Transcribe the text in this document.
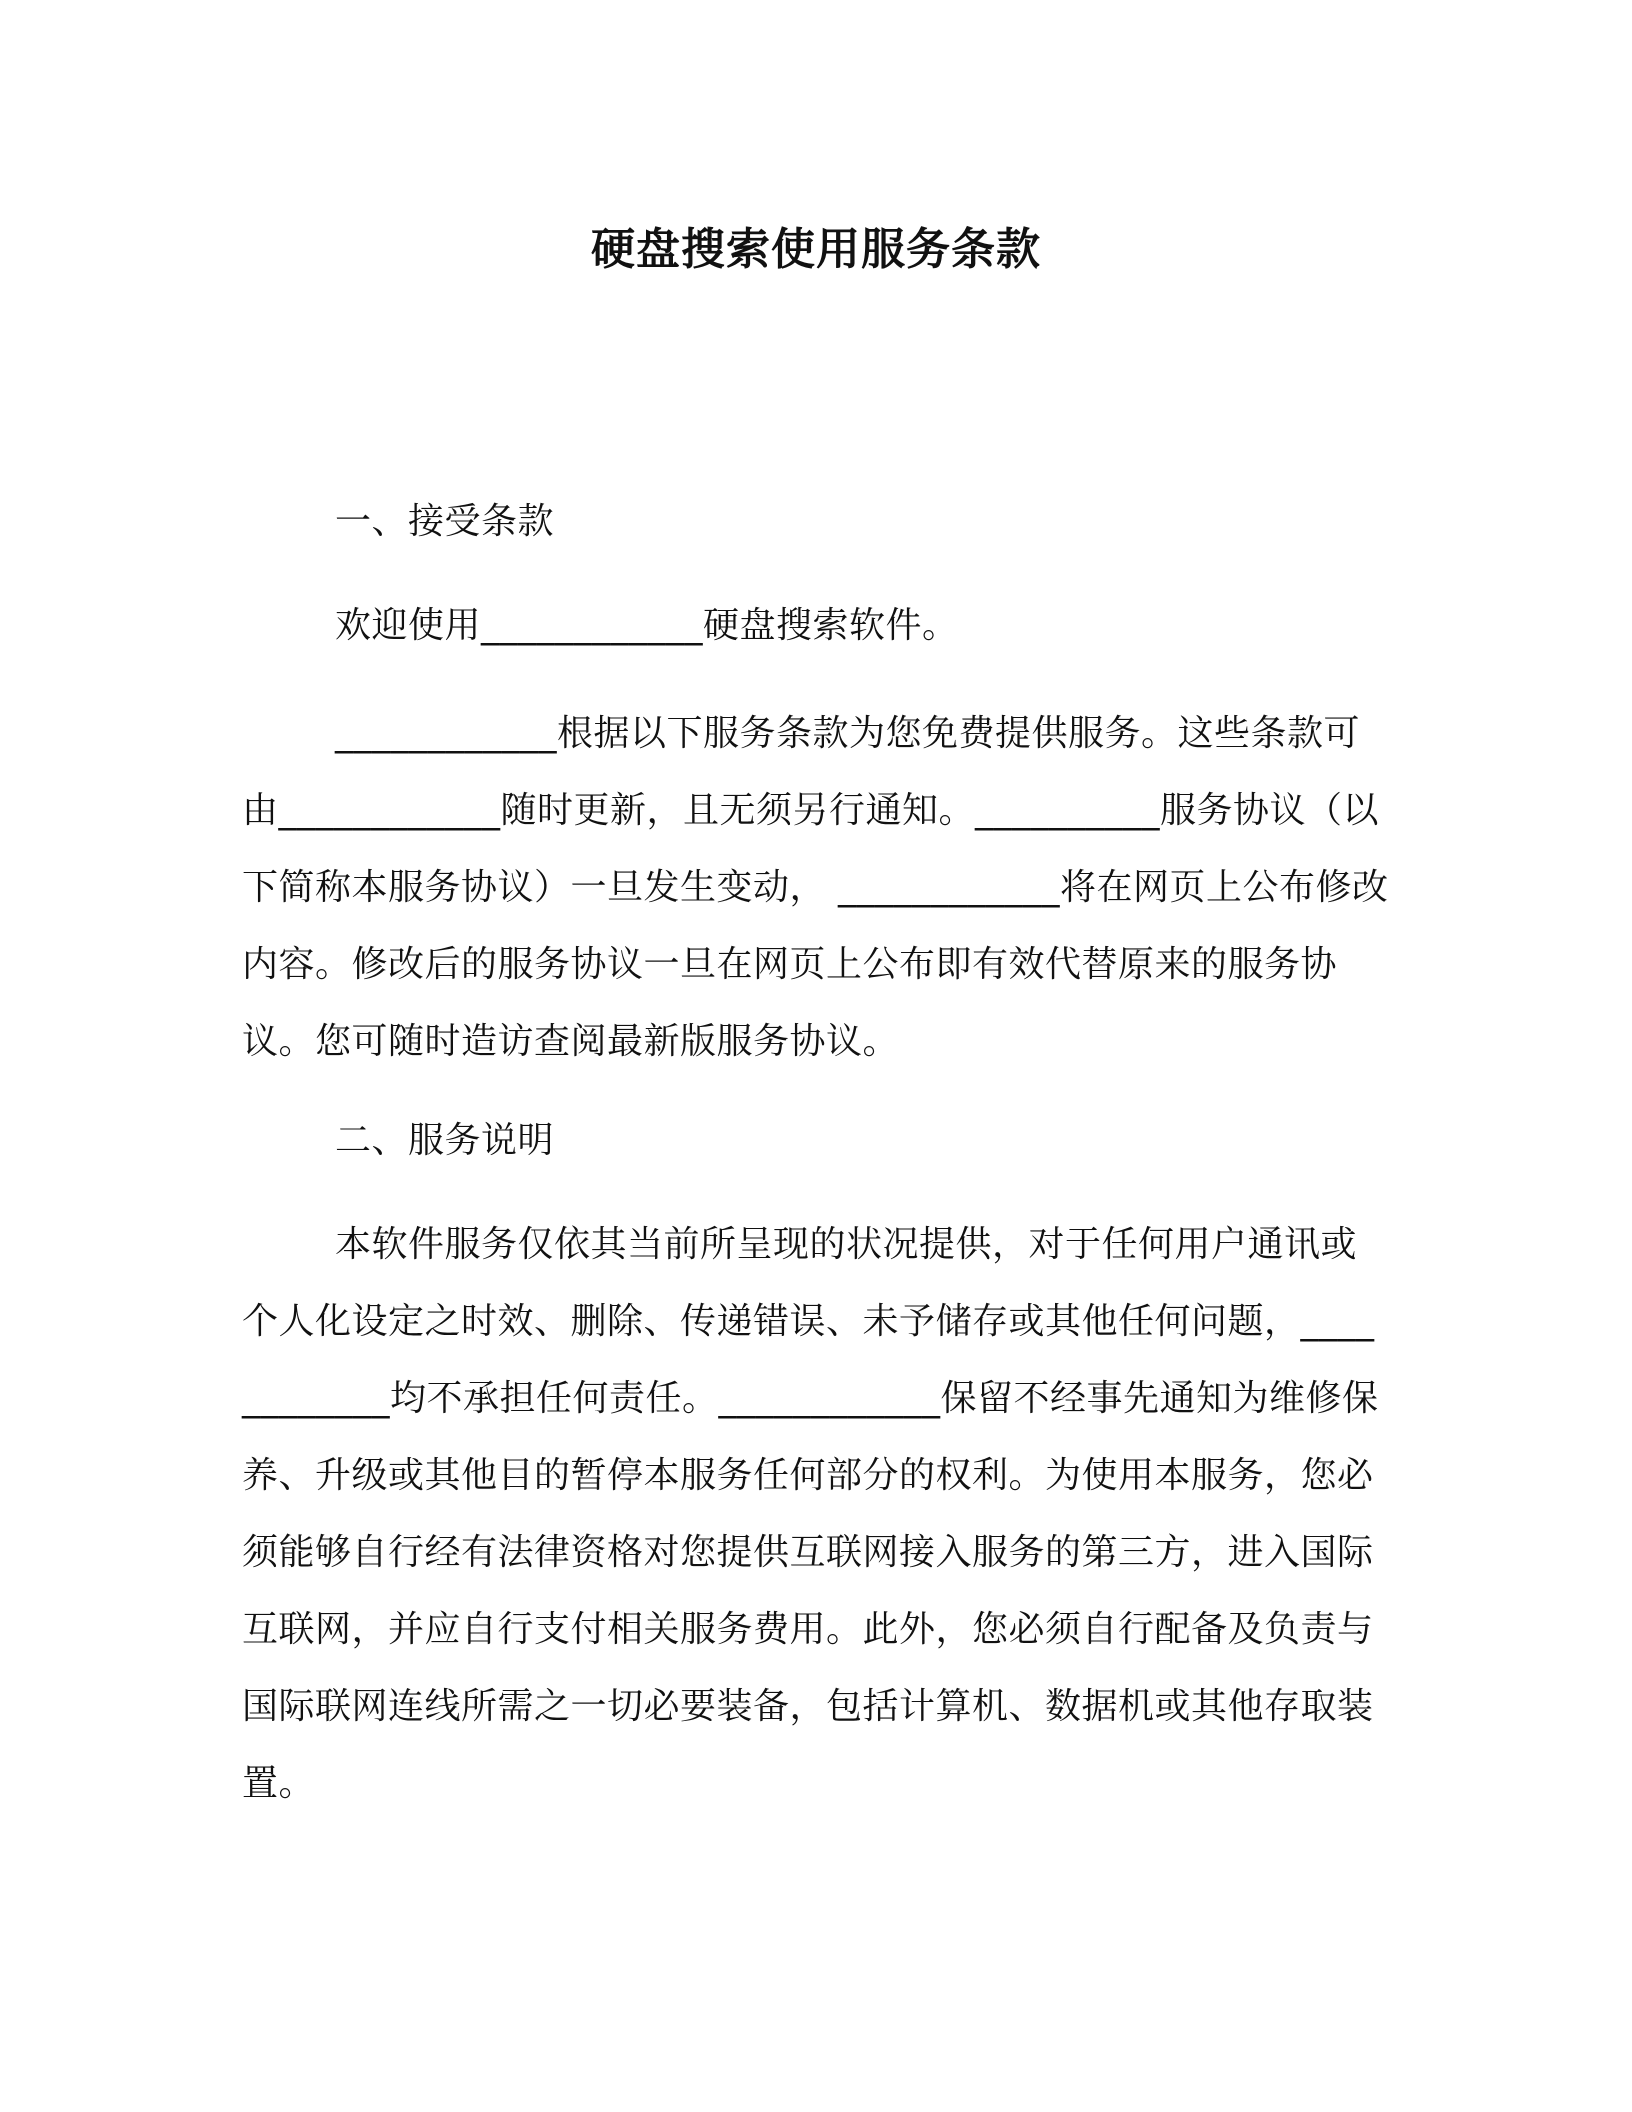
硬盘搜索使用服务条款
一、接受条款

欢迎使用____________硬盘搜索软件。

____________根据以下服务条款为您免费提供服务。这些条款可由____________随时更新，且无须另行通知。__________服务协议（以下简称本服务协议）一旦发生变动， ____________将在网页上公布修改内容。修改后的服务协议一旦在网页上公布即有效代替原来的服务协议。您可随时造访查阅最新版服务协议。

二、服务说明

本软件服务仅依其当前所呈现的状况提供，对于任何用户通讯或个人化设定之时效、删除、传递错误、未予储存或其他任何问题，____________均不承担任何责任。____________保留不经事先通知为维修保养、升级或其他目的暂停本服务任何部分的权利。为使用本服务，您必须能够自行经有法律资格对您提供互联网接入服务的第三方，进入国际互联网，并应自行支付相关服务费用。此外，您必须自行配备及负责与国际联网连线所需之一切必要装备，包括计算机、数据机或其他存取装置。
